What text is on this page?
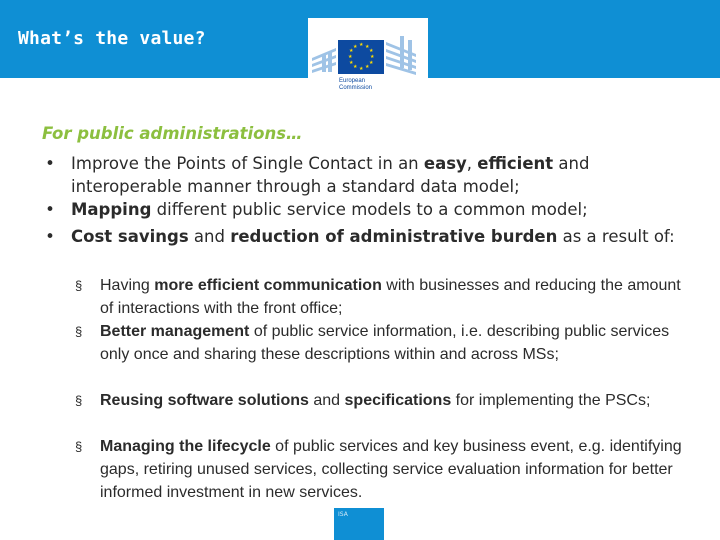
What’s the value?	★ ★
★
★
★
★
★
★
★
★
★
★
European
Commission
For public administrations…
• Improve the Points of Single Contact in an easy, efficient and interoperable manner through a standard data model;
• Mapping different public service models to a common model;
• Cost savings and reduction of administrative burden as a result of:
§ Having more efficient communication with businesses and reducing the amount of interactions with the front office;
§ Better management of public service information, i.e. describing public services only once and sharing these descriptions within and across MSs;
§ Reusing software solutions and specifications for implementing the PSCs;
§ Managing the lifecycle of public services and key business event, e.g. identifying gaps, retiring unused services, collecting service evaluation information for better informed investment in new services.
ISA
